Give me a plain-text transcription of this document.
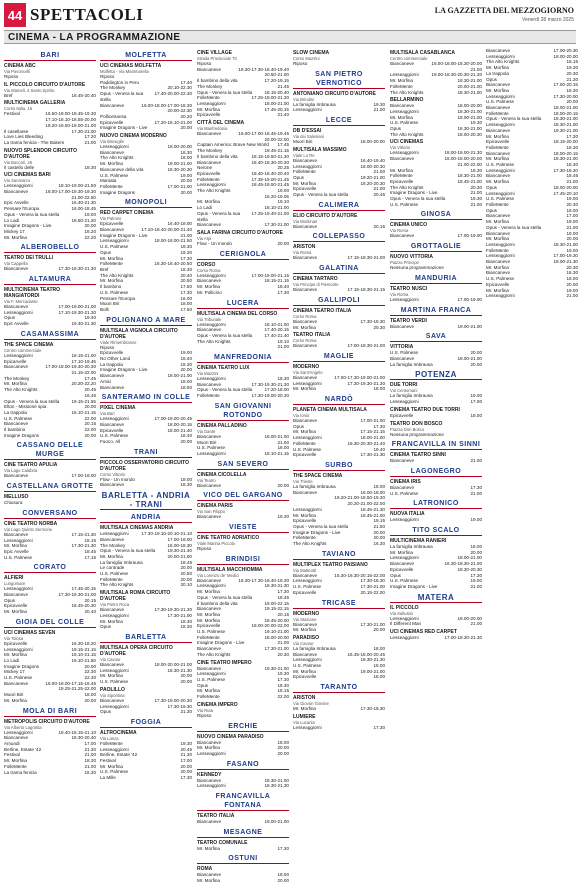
44 SPETTACOLI	LA GAZZETTA DEL MEZZOGIORNO
Venerdì 28 marzo 2025
CINEMA - LA PROGRAMMAZIONE
BARI
CINEMA ABC
Via Pavoncelli
Riposo
IL PICCOLO CIRCUITO D'AUTORE
Via Mameli, 4 Santo Spirito
Bref	18.45-20.40
MULTICINEMA GALLERIA
Corso Italia, 15
Festival	16.50-18.00-18.45-19.30
17.10-18.10-18.55-20.00
18.20-18.50-19.00-21.00
Il casellante	17.30-21.00
Love Lies Bleeding	17.20
La trama fenicia - The Bakers	21.00
NUOVO SPLENDOR CIRCUITO D'AUTORE
Via Buccari, 26
Il castello delle	18.30
UCI CINEMAS BARI
Via Sanmarco
Lesseaggiorni	18.10-19.00-21.50
Biancaneve	18.00-17.00-19.30-19.30
21.00-22.50
Epic Avvelle	16.40-21.30
Pensare l'Europa	16.00-18.45
Opus - Venera la sua stella	19.00
Lo Ladi	18.50-21.20
Imagine Dragons - Live	20.00
Mickey 17	18.20
Mr. Morfina	22.20
ALBEROBELLO
TEATRO DEI TRULLI
Via Cappella
Biancaneve	17.30-19.30-21.30
ALTAMURA
MULTICINEMA TEATRO MANGIATORDI
Via F. Mercadante
Biancaneve	17.00-19.00-21.00
Lesseaggiorni	17.10-19.30-21.30
Opus	19.40
Epic Avvelle	19.40-21.30
CASAMASSIMA
THE SPACE CINEMA
Centro commerciale
Lesseaggiorni	18.15-21.00
Epicarvelle	17.10-19.45
Biancaneve	17.00-18.00-19.40-20.30
21.15-22.00
The Monkey	17.45
Mr. Morfina	20.20-22.20
The Alto Knights	20.45
16.45
Opus - Venera la sua stella	19.15-21.55
Elton - Missione spia	20.00
La trappola	16.10-21.15
U.S. Palmese	22.00
Biancaneve	20.15
Il bambino	22.00
Imagine Dragons	20.00
CASSANO DELLE MURGE
CINE TEATRO APULIA
Via Lago Calabria
Biancaneve	17.00-18.00
CASTELLANA GROTTE
MELLUSO
Chiusura
CONVERSANO
CINE TEATRO NORBA
Via Lago Quinto Sermone
Biancaneve	17.15-21.30
Lesseaggiorni	18.15
Mr. Morfina	17.30-21.30
Epic Avvelle	18.45
U.S. Palmese	17.15
CORATO
ALFIERI
Lungomare
Lesseaggiorni	17.45-20.15
Biancaneve	17.30-19.30-21.00
Opus	20.15
Epicavvelle	18.45-20.30
Mr. Morfina	20.40
GIOIA DEL COLLE
UCI CINEMAS SEVEN
Via Tolosa
Epicavvelle	16.30-18.20
Lesseaggiorni	19.15-21.15
Mr. Morfina	19.10-21.15
Lo Ladi	19.10-21.50
Imagine Dragons	20.00
Mickey 17	22.30
U.S. Palmese	22.30
Biancaneve	16.00-18.00-17.15-18.45
19.25-21.25-22.00
Muori Biri	18.00
Mr. Morfina	20.00
MOLA DI BARI
METROPOLIS CIRCUITO D'AUTORE
Via Alberto Lagrasta
Lesseaggiorni	18.40-18.15-21.10
Biancaneve	18.30-20.40
Amundi	17.00
Berline, Estate '42	21.30
Festival	21.00
Mr. Morfina	18.30
FolleMente	21.00
La trama fenicia	16.30
MOLFETTA
UCI CINEMAS MOLFETTA
Molfetta - Via Mammarella
Riposo
Paddington in Peru	17.40
The Monkey	20.10-22.30
Opus - Venera la sua stella
17.40-20.00-22.30
Biancaneve	16.00-18.00-17.00-18.30
20.00-22.30
Pollicetransa	20.20
Epicavvelle	17.20-18.10-21.00
Imagine Dragons - Live	20.00
NUOVO CINEMA MODERNO
Via Bisceglie
Lesseaggiorni	18.00-20.00
Biancaneve	18.30
The Alto Knights	18.00
Mr. Morfina	19.00-21.00
Biancaneve della vita	18.30-20.30
U.S. Palmese	19.00
Maniata	20.00
FolleMente	17.00-21.00
Imagine Dragons	20.00
MONOPOLI
RED CARPET CINEMA
Via Palmiro
Epicavvelle	16.40-18.00
Biancaneve	17.10-18.40-20.00-21.40
Imagine Dragons - Live	21.00
Lesseaggiorni	18.00-18.00-21.50
U.S. Palmese	18.30
Opus	19.30
Mr. Morfina	17.30
FolleMente	16.30-18.40-20.50
Bref	18.30
The Alto Knights	20.40
Mr. Morfina	20.50
Il bambino	17.50
U.S. Palmese	17.30
Pensare l'Europa	16.00
Muori Biri	18.00
Bolli	17.50
POLIGNANO A MARE
MULTISALA VIGNOLA CIRCUITO D'AUTORE
Viale Rimembranze
Riposo
Epicavvelle	19.00
No Other Land	18.40
La trappola	18.30
Imagine Dragons - Live	20.00
Biancaneve	18.00-21.00
Amici	18.00
Biancaneve	18.50
SANTERAMO IN COLLE
PIXEL CINEMA
Via Bari
Lesseaggiorni	17.00-19.00-20.45
Biancaneve	18.00-20.15
Epicavvelle	18.00-21.40
U.S. Palmese	18.40
Fuoco, All	20.00
TRANI
PICCOLO OSSERVATORIO CIRCUITO D'AUTORE
Corso Vittorio
Flow - Un mondo	18.00
Biancaneve	18.30
BARLETTA - ANDRIA - TRANI
ANDRIA
MULTISALA CINEMAS ANDRIA
Lesseaggiorni	17.30-19.10-20.10-21.10
Biancaneve	17.00-18.00
The Monkey	16.00-18.30
Opus - Venera la sua stella	19.30-21.40
Mr. Morfina	20.00-21.00
La famiglia Imbrausa	18.45
Le contrade	20.00
U.S. Palmese	20.50
FolleMente	20.00
The Alto Knights	20.10
MULTISALA ROMA CIRCUITO D'AUTORE
Via Pietro Roca
Biancaneve	17.30-19.30-21.30
Lesseaggiorni	17.30-21.00
Mr. Morfina	18.30
Opus	18.30
BARLETTA
MULTISALA OPERA CIRCUITO D'AUTORE
Via Cavour
Biancaneve	18.00-20.00-21.00
Lesseaggiorni	18.30-21.30
Mr. Morfina	20.00
U.S. Palmese	20.00
PAOLILLO
Via Sipontina
Biancaneve	17.30-19.00-20.30
Lesseaggiorni	17.30-19.30
Opus	21.30
FOGGIA
ALTROCINEMA
Via Lanza
FolleMente	19.30
Lesseaggiorni	20.45
Berline, Estate '42	21.30
Festival	17.00
Mr. Morfina	20.00
U.S. Palmese	20.00
La Mille	17.30
CINE VILLAGE
Strada Provinciale 70
Riposo
Biancaneve	18.30-17.30-18.40-19.40
20.50-21.00
Il bambino della vita	17.20-19.15
The Monkey	21.45
Opus - Venera la sua stella	18.15-20.40
FolleMente	17.25-19.00-21.30
Lesseaggiorni	18.00-21.00
Mr. Morfina	17.45-20.15
Epicavvelle	21.40
CITTÀ DEL CINEMA
Via Manfredonia
Biancaneve	18.00-17.00-18.45-19.45
20.00-22.00
Captain America: Brave New World	17.45
The Monkey	18.45-21.15
Il bambino della vita	18.15-19.50-21.30
Biancaneve	18.40-18.30-20.30
Nerone	20.25
Epicavvelle	18.40-18.40-20.40
FolleMente	17.35-19.00-21.45
Lesseaggiorni	18.45-19.50-21.45
The Alto Knights	19.00
16.20-19.05
Mr. Morfina	19.10
Lo Ladi	18.10-21.00
Opus - Venera la sua stella
17.25-19.40-21.00
Biancaneve	17.30-21.00
SALA FARINA CIRCUITO D'AUTORE
Via Arpi
Flow - Un mondo	20.00
CERIGNOLA
CORSO
Corso Roma
Lesseaggiorni	17.00-19.00-21.15
Biancaneve	18.15-21.15
Mr. Morfina	18.40
Mr. Pollicino	17.30
LUCERA
MULTISALA CINEMA DEL CORSO
Via Tribunale
Lesseaggiorni	18.10-21.00
Biancaneve	17.40-20.15
Opus - Venera la sua stella	17.40-21.40
The Alto Knights	19.10
21.00
MANFREDONIA
CINEMA TEATRO LUX
Via Mazzini
Lesseaggiorni	18.30
Biancaneve	17.30-19.30-21.30
Opus - Venera la sua stella	17.20-18.00
FolleMente	17.30-19.00-20.30
SAN GIOVANNI ROTONDO
CINEMA PALLADINO
Via Dante
Biancaneve	18.00-21.00
Muori Biri	21.00
U.S. Palmese	18.00
Lesseaggiorni	18.10-21.15
SAN SEVERO
CINEMA CICOLELLA
Via Teatro
Biancaneve	20.00
VICO DEL GARGANO
CINEMA PARIS
Via San Filippo
Biancaneve	19.30
VIESTE
CINE TEATRO ADRIATICO
Viale Marina Piccola
Riposo
BRINDISI
MULTISALA MACCHIOMMA
Via Lorenzo de' Medici
Biancaneve	16.30-17.30-18.40-19.30
Lesseaggiorni	18.30-21.30
Mr. Morfina	17.30
Opus - Venera la sua stella	18.45
Il bambino della vita	19.00-22.15
Biancaneve	19.15-22.15
Mr. Morfina	20.15
Mr. Morfina	18.45-20.00
Epicavvelle	18.00-20.00-22.00
U.S. Palmese	19.10-21.00
FolleMente	18.00-20.00
Imagine Dragons - Live	21.00
Biancaneve	17.30-21.00
The Alto Knights	20.30
CINE TEATRO IMPERO
Biancaneve	19.30-21.00
Lesseaggiorni	19.30
U.S. Palmese	17.30
Opus	18.30
Mr. Morfina	18.15
FolleMente	22.00
CINEMA IMPERO
Via Ruta
Riposo
ERCHIE
NUOVO CINEMA PARADISO
Biancaneve	18.00
Mr. Morfina	20.00
Lesseaggiorni	20.00
FASANO
KENNEDY
Biancaneve	18.30-21.00
Lesseaggiorni	18.30-21.30
FRANCAVILLA FONTANA
TEATRO ITALIA
Biancaneve	19.00-21.00
MESAGNE
TEATRO COMUNALE
Mr. Morfina	17.30
OSTUNI
ROMA
Biancaneve	18.00
Mr. Morfina	20.00
SLOW CINEMA
Corso Mazzini
Riposo
SAN PIETRO VERNOTICO
ANTONIANO CIRCUITO D'AUTORE
Via Brindisi
La famiglia Imbrausa	19.30
Lesseaggiorni	21.00
LECCE
DB D'ESSAI
Via dei Salesiani
Muori Biri	18.00-20.00
MULTISALA MASSIMO
Viale Lo Re
Biancaneve	16.40-19.40
Lesseaggiorni	18.00-20.30
FolleMente	21.00
Opus	19.20-21.00
Mr. Morfina	18.20-20.30
Epicavvelle	21.00
Opus - Venera la sua stella	20.45
CALIMERA
ELIO CIRCUITO D'AUTORE
Via Montinari
Biancaneve	20.15
COLLEPASSO
ARISTON
Via Roma
Biancaneve	17.15-18.30-21.00
GALATINA
CINEMA TARTARO
Via Principe di Piemonte
Biancaneve	17.15-18.30-21.15
GALLIPOLI
CINEMA TEATRO ITALIA
Corso Roma
Biancaneve	17.30-18.30
Mr. Morfina	20.30
TEATRO ITALIA
Corso Roma
Biancaneve	17.00-18.30-21.00
MAGLIE
MODERNO
Via Sant'Angelo
Biancaneve	17.00-17.30-19.00-21.00
Lesseaggiorni	17.30-19.30-21.30
Mr. Morfina	18.00
NARDÒ
PLANETA CINEMA MULTISALA
Via Ionio
Biancaneve	17.00-21.00
Opus	17.30
Mr. Morfina	17.15-21.15
Lesseaggiorni	18.00-21.00
FolleMente	18.30-20.30-21.40
U.S. Palmese	19.40
Epicavvelle	17.30-21.30
SURBO
THE SPACE CINEMA
Via Trieste
La famiglia Imbrausa	18.00
Biancaneve	16.00-18.00
18.20-21.00-18.50-19.30
20.20-21.00-22.00
Lesseaggiorni	18.45-21.30
Mr. Morfina	18.45-21.00
Epicavvelle	19.15
Opus - Venera la sua stella	21.50
Imagine Dragons - Live	20.00
FolleMente	20.00
The Alto Knights	16.30
TAVIANO
MULTIPLEX TEATRO PAISIANO
Via Matteotti
Biancaneve	16.30-18.30-20.15-22.00
Lesseaggiorni	17.30-18.30
U.S. Palmese	17.30-21.00
Epicavvelle	20.15-22.00
TRICASE
MODERNO
Via Stazione
Biancaneve	17.30-21.00
Mr. Morfina	20.00
PARADISO
Via Cavour
La famiglia Imbrausa	18.00
Biancaneve	16.45-18.00-20.45
Lesseaggiorni	18.30-21.30
U.S. Palmese	18.00
Mr. Morfina	19.00-21.00
Epicavvelle	18.00
TARANTO
ARISTON
Via Giovan Giovine
Mr. Morfina	17.30-19.30
LUMIERE
Via Lucania
Lesseaggiorni	17.30
MULTISALA CASABLANCA
Centro commerciale
Biancaneve	16.00-18.00-18.30-20.00
21.00
Lesseaggiorni	18.00-18.30-20.30-21.30
Mr. Morfina	18.30-21.00
FolleMente	20.00-21.00
The Alto Knights	18.30-21.00
BELLARMINO
Biancaneve	18.00-20.00
Lesseaggiorni	18.30-21.00
Mr. Morfina	18.00-21.00
U.S. Palmese	19.30
Opus	18.30-21.00
The Alto Knights	18.00-20.30
UCI CINEMAS
Via Vittorio
Lesseaggiorni	18.00-19.00-21.30
Biancaneve	16.00-18.00-20.00
21.00-22.00
Mr. Morfina	18.30
FolleMente	18.30-21.00
Epicavvelle	18.45-21.00
The Alto Knights	20.30
Imagine Dragons - Live	21.00
Opus - Venera la sua stella	19.30
U.S. Palmese	21.00
GINOSA
CINEMA UNICO
Via Roma
Biancaneve	17.00-19.00
GROTTAGLIE
NUOVO VITTORIA
Piazza Principe
Nessuna programmazione
MANDURIA
TEATRO NUSCI
Via Roma
Lesseaggiorni	17.00-19.00
MARTINA FRANCA
TEATRO VERDI
Biancaneve	19.00-21.00
SAVA
VITTORIA
U.S. Palmese	20.00
Biancaneve	18.00-21.00
La famiglia Imbrausa	20.00
POTENZA
DUE TORRI
Via Centomani
La famiglia Imbrausa	19.00
Lesseaggiorni	17.00
CINEMA TEATRO DUE TORRI
Epicavvelle	18.00
TEATRO DON BOSCO
Piazza Don Bosco
Nessuna programmazione
FRANCAVILLA IN SINNI
CINEMA TEATRO SINNI
Biancaneve	21.00
LAGONEGRO
CINEMA IRIS
Biancaneve	17.30
U.S. Palmese	21.00
LATRONICO
NUOVA ITALIA
Lesseaggiorni	19.00
TITO SCALO
MULTICINEMA RANIERI
La famiglia Imbrausa	18.00
Mr. Morfina	20.00
Lesseaggiorni	18.00-21.00
Biancaneve	16.30-18.30-21.00
Epicavvelle	18.30-20.30
Opus	17.30
U.S. Palmese	19.00
Imagine Dragons - Live	21.00
MATERA
IL PICCOLO
Via Sallustio
Lesseaggiorni	18.00-20.00
Il Different Man	21.00
UCI CINEMAS RED CARPET
Lesseaggiorni	17.00-18.30-21.30
Biancaneve	17.00-20.30
Lesseaggiorni	18.00-20.00
The Alto Knights	18.15
Mr. Morfina	19.30
La trappola	20.30
Opus	21.30
Biancaneve	17.00-20.15
Mr. Morfina	18.30
Lesseaggiorni	17.30-20.00
U.S. Palmese	20.00
Biancaneve	18.00-21.00
FolleMente	18.00-20.15
Opus - Venera la sua stella	18.30-21.00
Lesseaggiorni	18.30-21.00
Biancaneve	19.30-21.00
Mr. Morfina	17.30
Epicavvelle	18.15-20.00
FolleMente	18.30
Biancaneve	18.00-20.15
Mr. Morfina	18.30-21.00
U.S. Palmese	18.30
Lesseaggiorni	17.30-18.20
Biancaneve	18.45
Mr. Morfina	21.00
Opus	18.00-20.00
Lesseaggiorni	17.45-20.10
U.S. Palmese	19.00
FolleMente	20.30
Opus	18.00
Biancaneve	17.00
Mr. Morfina	19.00
Opus - Venera la sua stella	21.00
Biancaneve	18.00
Mr. Morfina	20.00
Lesseaggiorni	18.30-21.00
FolleMente	19.00
Lesseaggiorni	17.00-19.30
Biancaneve	18.00-21.30
Mr. Morfina	20.30
Biancaneve	16.30
U.S. Palmese	18.00
Epicavvelle	20.00
Mr. Morfina	19.00
Lesseaggiorni	21.00
